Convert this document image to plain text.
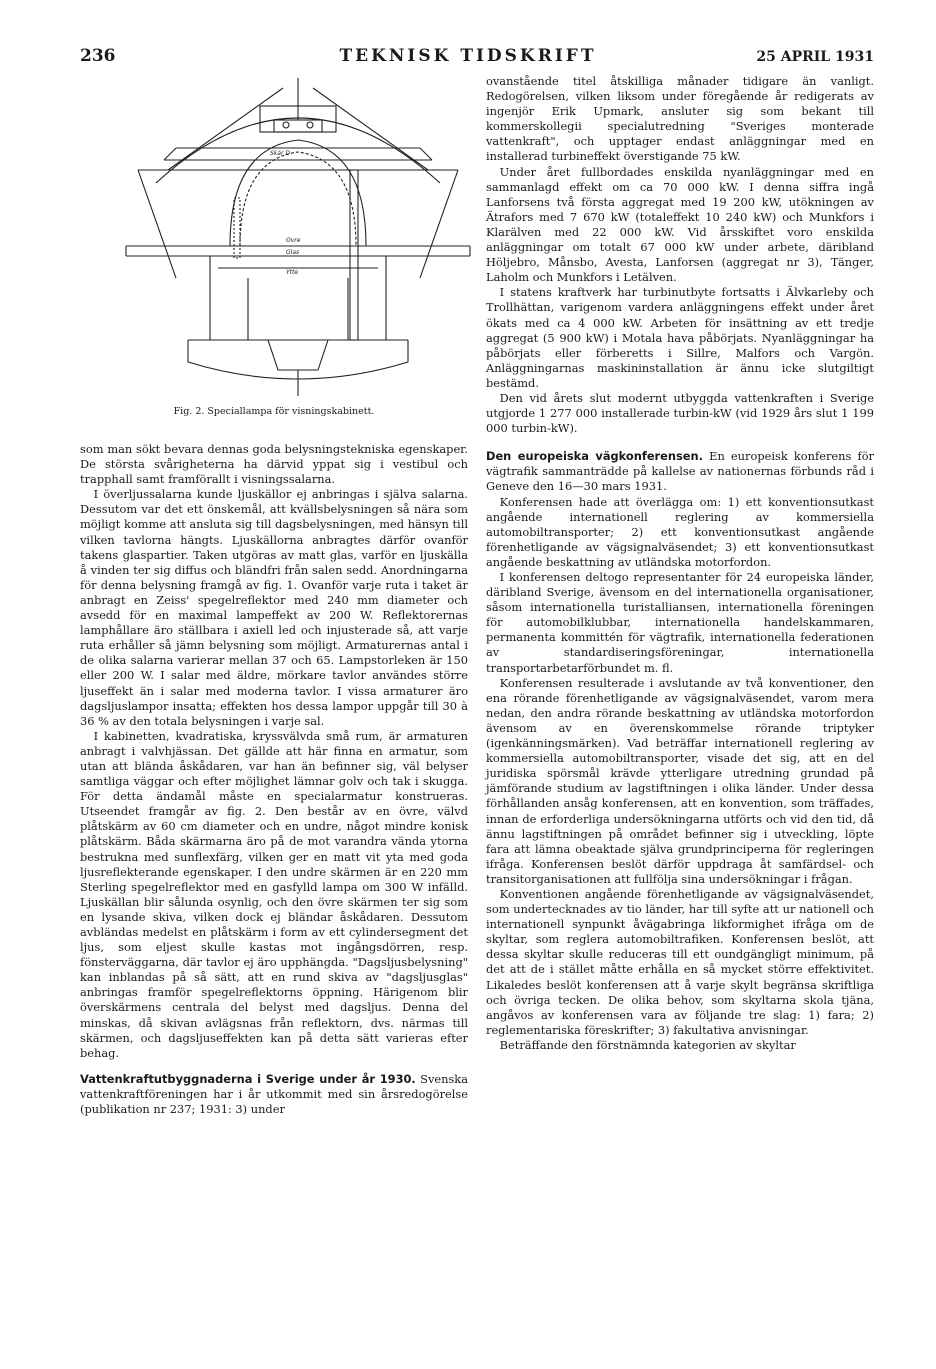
236	TEKNISK TIDSKRIFT	25 APRIL 1931
Skär D
Ovre
Glas
Ytte
Fig. 2. Speciallampa för visningskabinett.

som man sökt bevara dennas goda belysningstekniska egenskaper. De största svårigheterna ha därvid yppat sig i vestibul och trapphall samt framförallt i visningssalarna.

I överljussalarna kunde ljuskällor ej anbringas i själva salarna. Dessutom var det ett önskemål, att kvällsbelysningen så nära som möjligt komme att ansluta sig till dagsbelysningen, med hänsyn till vilken tavlorna hängts. Ljuskällorna anbragtes därför ovanför takens glaspartier. Taken utgöras av matt glas, varför en ljuskälla å vinden ter sig diffus och bländfri från salen sedd. Anordningarna för denna belysning framgå av fig. 1. Ovanför varje ruta i taket är anbragt en Zeiss' spegelreflektor med 240 mm diameter och avsedd för en maximal lampeffekt av 200 W. Reflektorernas lamphållare äro ställbara i axiell led och injusterade så, att varje ruta erhåller så jämn belysning som möjligt. Armaturernas antal i de olika salarna varierar mellan 37 och 65. Lampstorleken är 150 eller 200 W. I salar med äldre, mörkare tavlor användes större ljuseffekt än i salar med moderna tavlor. I vissa armaturer äro dagsljuslampor insatta; effekten hos dessa lampor uppgår till 30 à 36 % av den totala belysningen i varje sal.

I kabinetten, kvadratiska, kryssvälvda små rum, är armaturen anbragt i valvhjässan. Det gällde att här finna en armatur, som utan att blända åskådaren, var han än befinner sig, väl belyser samtliga väggar och efter möjlighet lämnar golv och tak i skugga. För detta ändamål måste en specialarmatur konstrueras. Utseendet framgår av fig. 2. Den består av en övre, välvd plåtskärm av 60 cm diameter och en undre, något mindre konisk plåtskärm. Båda skärmarna äro på de mot varandra vända ytorna bestrukna med sunflexfärg, vilken ger en matt vit yta med goda ljusreflekterande egenskaper. I den undre skärmen är en 220 mm Sterling spegelreflektor med en gasfylld lampa om 300 W infälld. Ljuskällan blir sålunda osynlig, och den övre skärmen ter sig som en lysande skiva, vilken dock ej bländar åskådaren. Dessutom avbländas medelst en plåtskärm i form av ett cylindersegment det ljus, som eljest skulle kastas mot ingångsdörren, resp. fönsterväggarna, där tavlor ej äro upphängda. "Dagsljusbelysning" kan inblandas på så sätt, att en rund skiva av "dagsljusglas" anbringas framför spegelreflektorns öppning. Härigenom blir överskärmens centrala del belyst med dagsljus. Denna del minskas, då skivan avlägsnas från reflektorn, dvs. närmas till skärmen, och dagsljuseffekten kan på detta sätt varieras efter behag.

Vattenkraftutbyggnaderna i Sverige under år 1930. Svenska vattenkraftföreningen har i år utkommit med sin årsredogörelse (publikation nr 237; 1931: 3) under

ovanstående titel åtskilliga månader tidigare än vanligt. Redogörelsen, vilken liksom under föregående år redigerats av ingenjör Erik Upmark, ansluter sig som bekant till kommerskollegii specialutredning "Sveriges monterade vattenkraft", och upptager endast anläggningar med en installerad turbineffekt överstigande 75 kW.

Under året fullbordades enskilda nyanläggningar med en sammanlagd effekt om ca 70 000 kW. I denna siffra ingå Lanforsens två första aggregat med 19 200 kW, utökningen av Ätrafors med 7 670 kW (totaleffekt 10 240 kW) och Munkfors i Klarälven med 22 000 kW. Vid årsskiftet voro enskilda anläggningar om totalt 67 000 kW under arbete, däribland Höljebro, Månsbo, Avesta, Lanforsen (aggregat nr 3), Tänger, Laholm och Munkfors i Letälven.

I statens kraftverk har turbinutbyte fortsatts i Älvkarleby och Trollhättan, varigenom vardera anläggningens effekt under året ökats med ca 4 000 kW. Arbeten för insättning av ett tredje aggregat (5 900 kW) i Motala hava påbörjats. Nyanläggningar ha påbörjats eller förberetts i Sillre, Malfors och Vargön. Anläggningarnas maskininstallation är ännu icke slutgiltigt bestämd.

Den vid årets slut modernt utbyggda vattenkraften i Sverige utgjorde 1 277 000 installerade turbin-kW (vid 1929 års slut 1 199 000 turbin-kW).

Den europeiska vägkonferensen. En europeisk konferens för vägtrafik sammanträdde på kallelse av nationernas förbunds råd i Geneve den 16—30 mars 1931.

Konferensen hade att överlägga om: 1) ett konventionsutkast angående internationell reglering av kommersiella automobiltransporter; 2) ett konventionsutkast angående förenhetligande av vägsignalväsendet; 3) ett konventionsutkast angående beskattning av utländska motorfordon.

I konferensen deltogo representanter för 24 europeiska länder, däribland Sverige, ävensom en del internationella organisationer, såsom internationella turistalliansen, internationella föreningen för automobilklubbar, internationella handelskammaren, permanenta kommittén för vägtrafik, internationella federationen av standardiseringsföreningar, internationella transportarbetarförbundet m. fl.

Konferensen resulterade i avslutande av två konventioner, den ena rörande förenhetligande av vägsignalväsendet, varom mera nedan, den andra rörande beskattning av utländska motorfordon ävensom av en överenskommelse rörande triptyker (igenkänningsmärken). Vad beträffar internationell reglering av kommersiella automobiltransporter, visade det sig, att en del juridiska spörsmål krävde ytterligare utredning grundad på jämförande studium av lagstiftningen i olika länder. Under dessa förhållanden ansåg konferensen, att en konvention, som träffades, innan de erforderliga undersökningarna utförts och vid den tid, då ännu lagstiftningen på området befinner sig i utveckling, löpte fara att lämna obeaktade själva grundprinciperna för regleringen ifråga. Konferensen beslöt därför uppdraga åt samfärdsel- och transitorganisationen att fullfölja sina undersökningar i frågan.

Konventionen angående förenhetligande av vägsignalväsendet, som undertecknades av tio länder, har till syfte att ur nationell och internationell synpunkt åvägabringa likformighet ifråga om de skyltar, som reglera automobiltrafiken. Konferensen beslöt, att dessa skyltar skulle reduceras till ett oundgängligt minimum, på det att de i stället måtte erhålla en så mycket större effektivitet. Likaledes beslöt konferensen att å varje skylt begränsa skriftliga och övriga tecken. De olika behov, som skyltarna skola tjäna, angåvos av konferensen vara av följande tre slag: 1) fara; 2) reglementariska föreskrifter; 3) fakultativa anvisningar.

Beträffande den förstnämnda kategorien av skyltar
